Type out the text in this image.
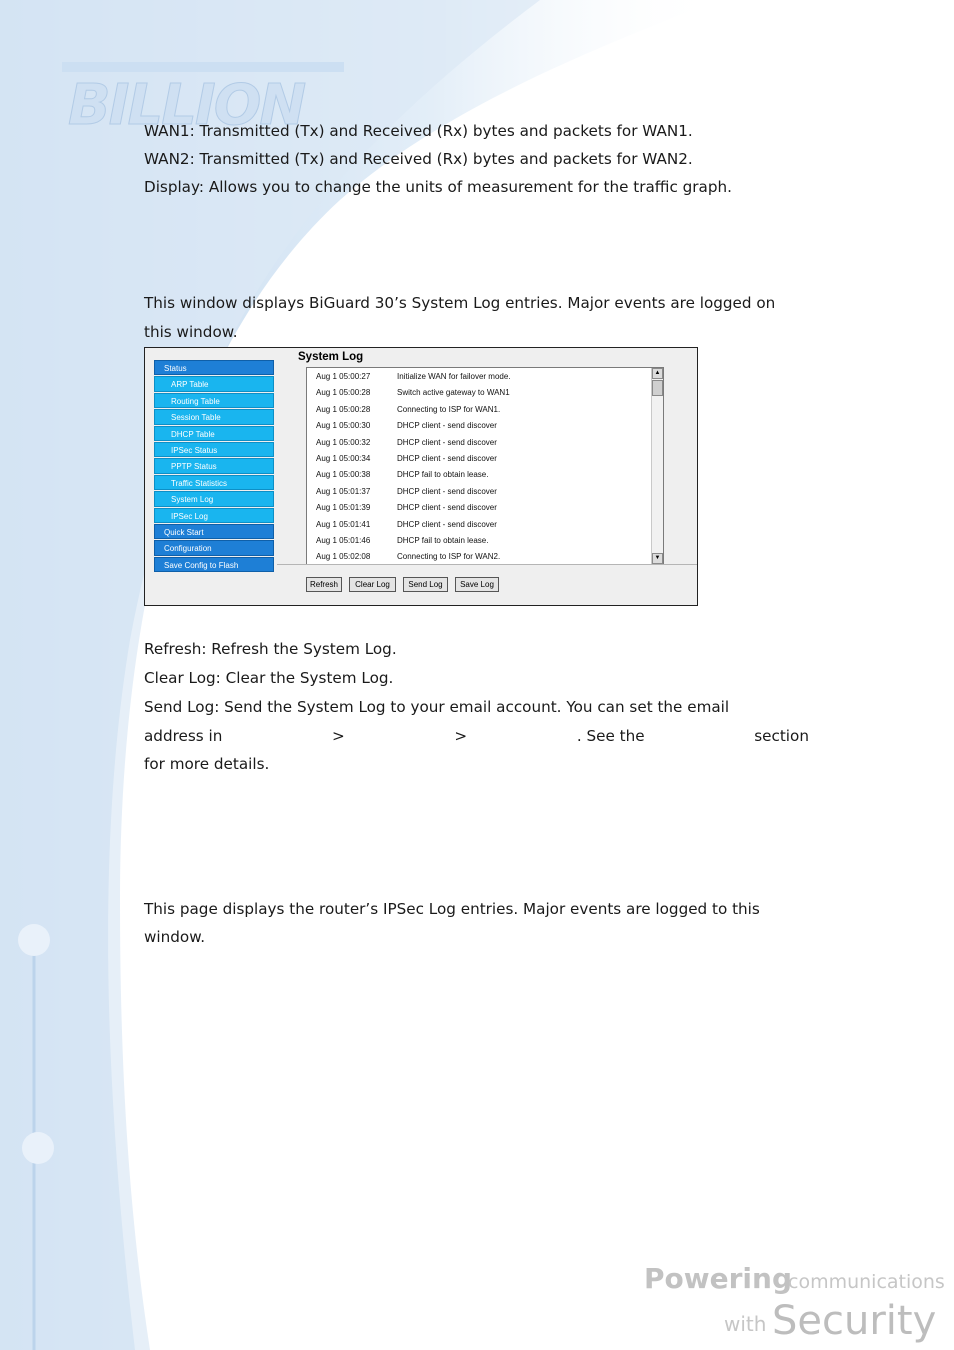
BILLION
Powering
communications
with Security
WAN1: Transmitted (Tx) and Received (Rx) bytes and packets for WAN1.
WAN2: Transmitted (Tx) and Received (Rx) bytes and packets for WAN2.
Display: Allows you to change the units of measurement for the traffic graph.
This window displays BiGuard 30’s System Log entries. Major events are logged on
this window.
Status
ARP Table
Routing Table
Session Table
DHCP Table
IPSec Status
PPTP Status
Traffic Statistics
System Log
IPSec Log
Quick Start
Configuration
Save Config to Flash
System Log
Aug 1 05:00:27	Initialize WAN for failover mode.
Aug 1 05:00:28	Switch active gateway to WAN1
Aug 1 05:00:28	Connecting to ISP for WAN1.
Aug 1 05:00:30	DHCP client - send discover
Aug 1 05:00:32	DHCP client - send discover
Aug 1 05:00:34	DHCP client - send discover
Aug 1 05:00:38	DHCP fail to obtain lease.
Aug 1 05:01:37	DHCP client - send discover
Aug 1 05:01:39	DHCP client - send discover
Aug 1 05:01:41	DHCP client - send discover
Aug 1 05:01:46	DHCP fail to obtain lease.
Aug 1 05:02:08	Connecting to ISP for WAN2.
▲
▼
Refresh	Clear Log	Send Log	Save Log
Refresh: Refresh the System Log.
Clear Log: Clear the System Log.
Send Log: Send the System Log to your email account. You can set the email
address in	>	>	. See the	section
for more details.
This page displays the router’s IPSec Log entries. Major events are logged to this
window.
